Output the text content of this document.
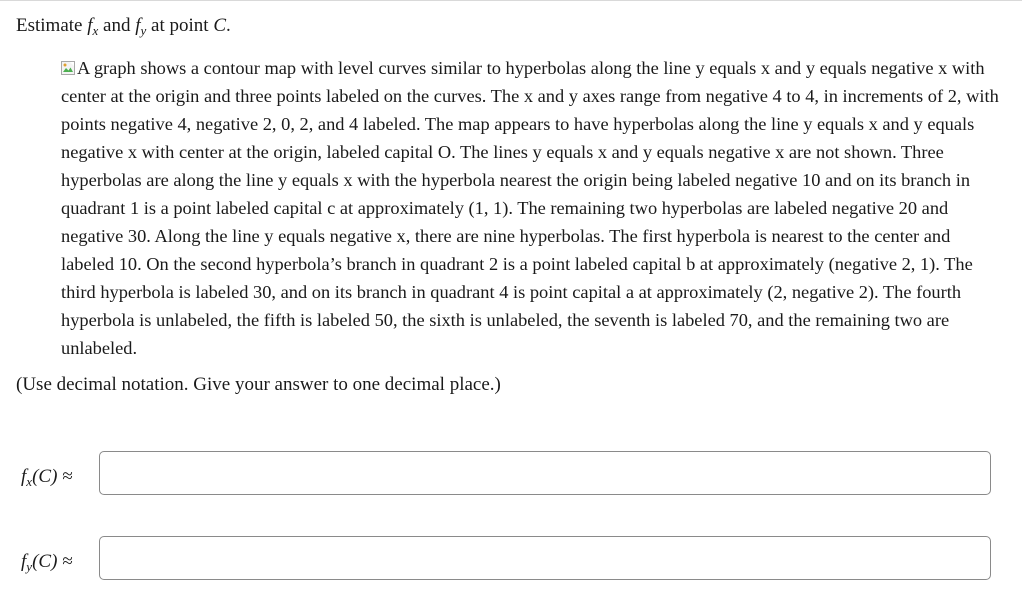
Estimate $f_x$ and $f_y$ at point C.
A graph shows a contour map with level curves similar to hyperbolas along the line y equals x and y equals negative x with center at the origin and three points labeled on the curves. The x and y axes range from negative 4 to 4, in increments of 2, with points negative 4, negative 2, 0, 2, and 4 labeled. The map appears to have hyperbolas along the line y equals x and y equals negative x with center at the origin, labeled capital O. The lines y equals x and y equals negative x are not shown. Three hyperbolas are along the line y equals x with the hyperbola nearest the origin being labeled negative 10 and on its branch in quadrant 1 is a point labeled capital c at approximately (1, 1). The remaining two hyperbolas are labeled negative 20 and negative 30. Along the line y equals negative x, there are nine hyperbolas. The first hyperbola is nearest to the center and labeled 10. On the second hyperbola’s branch in quadrant 2 is a point labeled capital b at approximately (negative 2, 1). The third hyperbola is labeled 30, and on its branch in quadrant 4 is point capital a at approximately (2, negative 2). The fourth hyperbola is unlabeled, the fifth is labeled 50, the sixth is unlabeled, the seventh is labeled 70, and the remaining two are unlabeled.
(Use decimal notation. Give your answer to one decimal place.)
$f_x(C)$ ≈
$f_y(C)$ ≈
